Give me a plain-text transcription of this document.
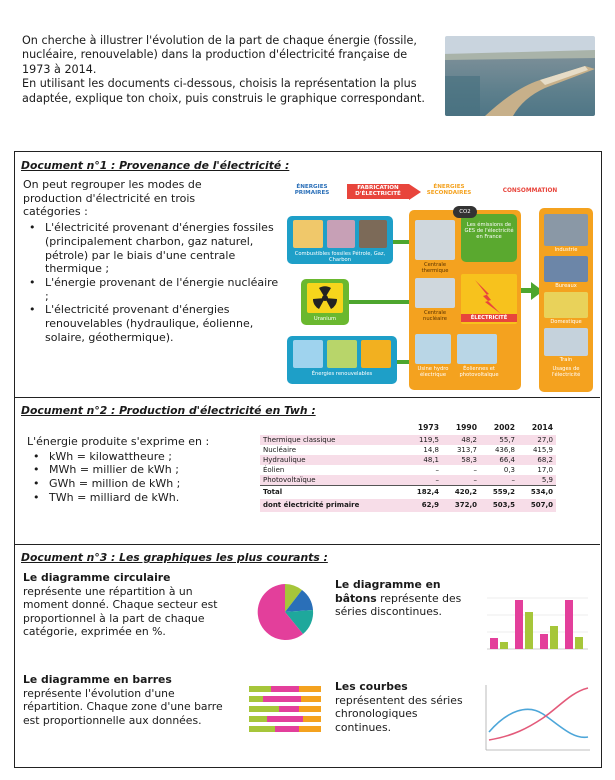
On cherche à illustrer l'évolution de la part de chaque énergie (fossile, nucléaire, renouvelable) dans la production d'électricité française de 1973 à 2014.

En utilisant les documents ci-dessous, choisis la représentation la plus adaptée, explique ton choix, puis construis le graphique correspondant.

Document n°1 : Provenance de l'électricité :
On peut regrouper les modes de production d'électricité en trois catégories :
• L'électricité provenant d'énergies fossiles (principalement charbon, gaz naturel, pétrole) par le biais d'une centrale thermique ;
• L'énergie provenant de l'énergie nucléaire ;
• L'électricité provenant d'énergies renouvelables (hydraulique, éolienne, solaire, géothermique).
Document n°2 : Production d'électricité en Twh :
L'énergie produite s'exprime en :
• kWh = kilowattheure ;
• MWh = millier de kWh ;
• GWh = million de kWh ;
• TWh = milliard de kWh.
	1973	1990	2002	2014
Thermique classique	119,5	48,2	55,7	27,0
Nucléaire	14,8	313,7	436,8	415,9
Hydraulique	48,1	58,3	66,4	68,2
Éolien	–	–	0,3	17,0
Photovoltaïque	–	–	–	5,9
Total	182,4	420,2	559,2	534,0
dont électricité primaire	62,9	372,0	503,5	507,0
Document n°3 : Les graphiques les plus courants :
Le diagramme circulaire
représente une répartition à un moment donné. Chaque secteur est proportionnel à la part de chaque catégorie, exprimée en %.
Le diagramme en bâtons représente des séries discontinues.
Le diagramme en barres
représente l'évolution d'une répartition. Chaque zone d'une barre est proportionnelle aux données.
Les courbes représentent des séries chronologiques continues.
ÉNERGIES PRIMAIRES
FABRICATION D'ÉLECTRICITÉ
ÉNERGIES SECONDAIRES	CONSOMMATION
Combustibles fossiles Pétrole, Gaz, Charbon
Uranium
Énergies renouvelables
Centrale thermique
Centrale nucléaire
Usine hydro électrique
Éoliennes et photovoltaïque
Les émissions de GES de l'électricité en France
CO2
ÉLECTRICITÉ
Industrie
Bureaux
Domestique
Train
Usages de l'électricité
